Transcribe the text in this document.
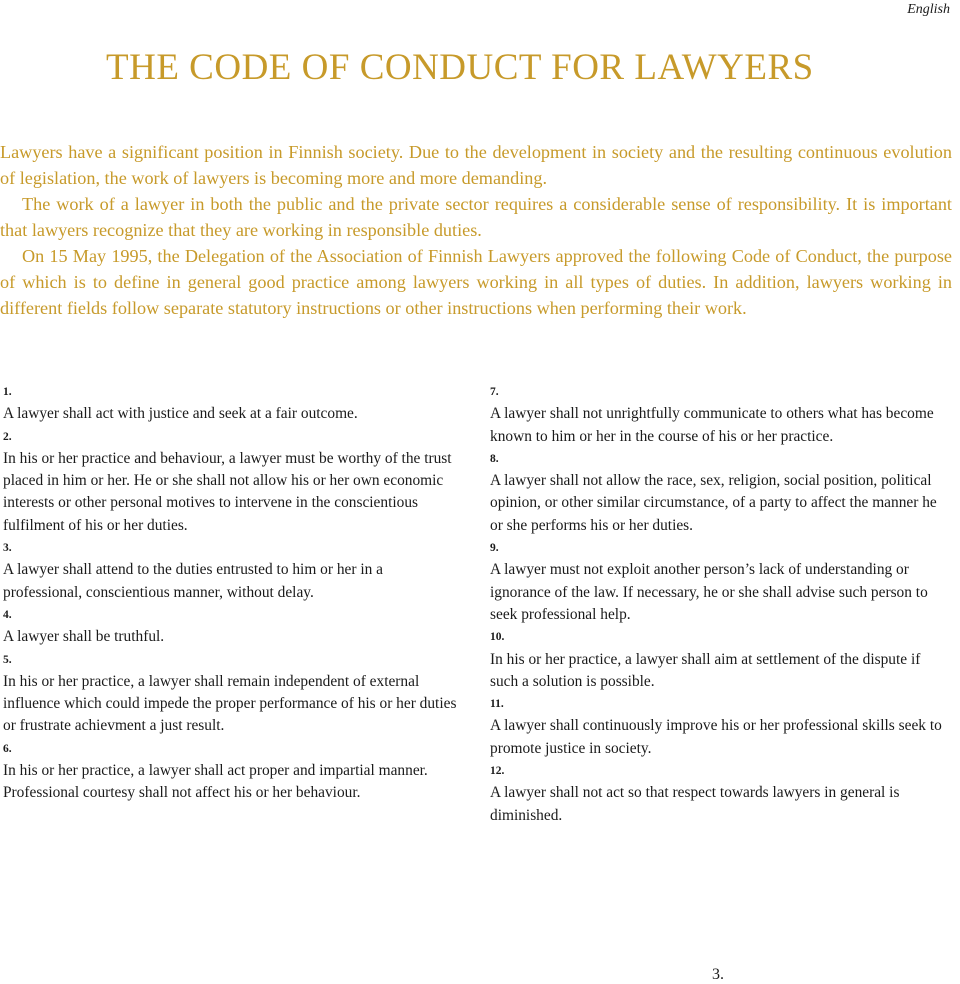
English
THE CODE OF CONDUCT FOR LAWYERS

Lawyers have a significant position in Finnish society. Due to the development in society and the resulting continuous evolution of legislation, the work of lawyers is becoming more and more demanding.

The work of a lawyer in both the public and the private sector requires a considerable sense of responsibility. It is important that lawyers recognize that they are working in responsible duties.

On 15 May 1995, the Delegation of the Association of Finnish Lawyers approved the following Code of Conduct, the purpose of which is to define in general good practice among lawyers working in all types of duties. In addition, lawyers working in different fields follow separate statutory instructions or other instructions when performing their work.

1.
A lawyer shall act with justice and seek at a fair outcome.
2.
In his or her practice and behaviour, a lawyer must be worthy of the trust placed in him or her. He or she shall not allow his or her own economic interests or other personal motives to intervene in the conscientious fulfilment of his or her duties.
3.
A lawyer shall attend to the duties entrusted to him or her in a professional, conscientious manner, without delay.
4.
A lawyer shall be truthful.
5.
In his or her practice, a lawyer shall remain independent of external influence which could impede the proper performance of his or her duties or frustrate achievment a just result.
6.
In his or her practice, a lawyer shall act proper and impartial manner. Professional courtesy shall not affect his or her behaviour.
7.
A lawyer shall not unrightfully communicate to others what has become known to him or her in the course of his or her practice.
8.
A lawyer shall not allow the race, sex, religion, social position, political opinion, or other similar circumstance, of a party to affect the manner he or she performs his or her duties.
9.
A lawyer must not exploit another person’s lack of understanding or ignorance of the law. If necessary, he or she shall advise such person to seek professional help.
10.
In his or her practice, a lawyer shall aim at settlement of the dispute if such a solution is possible.
11.
A lawyer shall continuously improve his or her professional skills seek to promote justice in society.
12.
A lawyer shall not act so that respect towards lawyers in general is diminished.
3.
